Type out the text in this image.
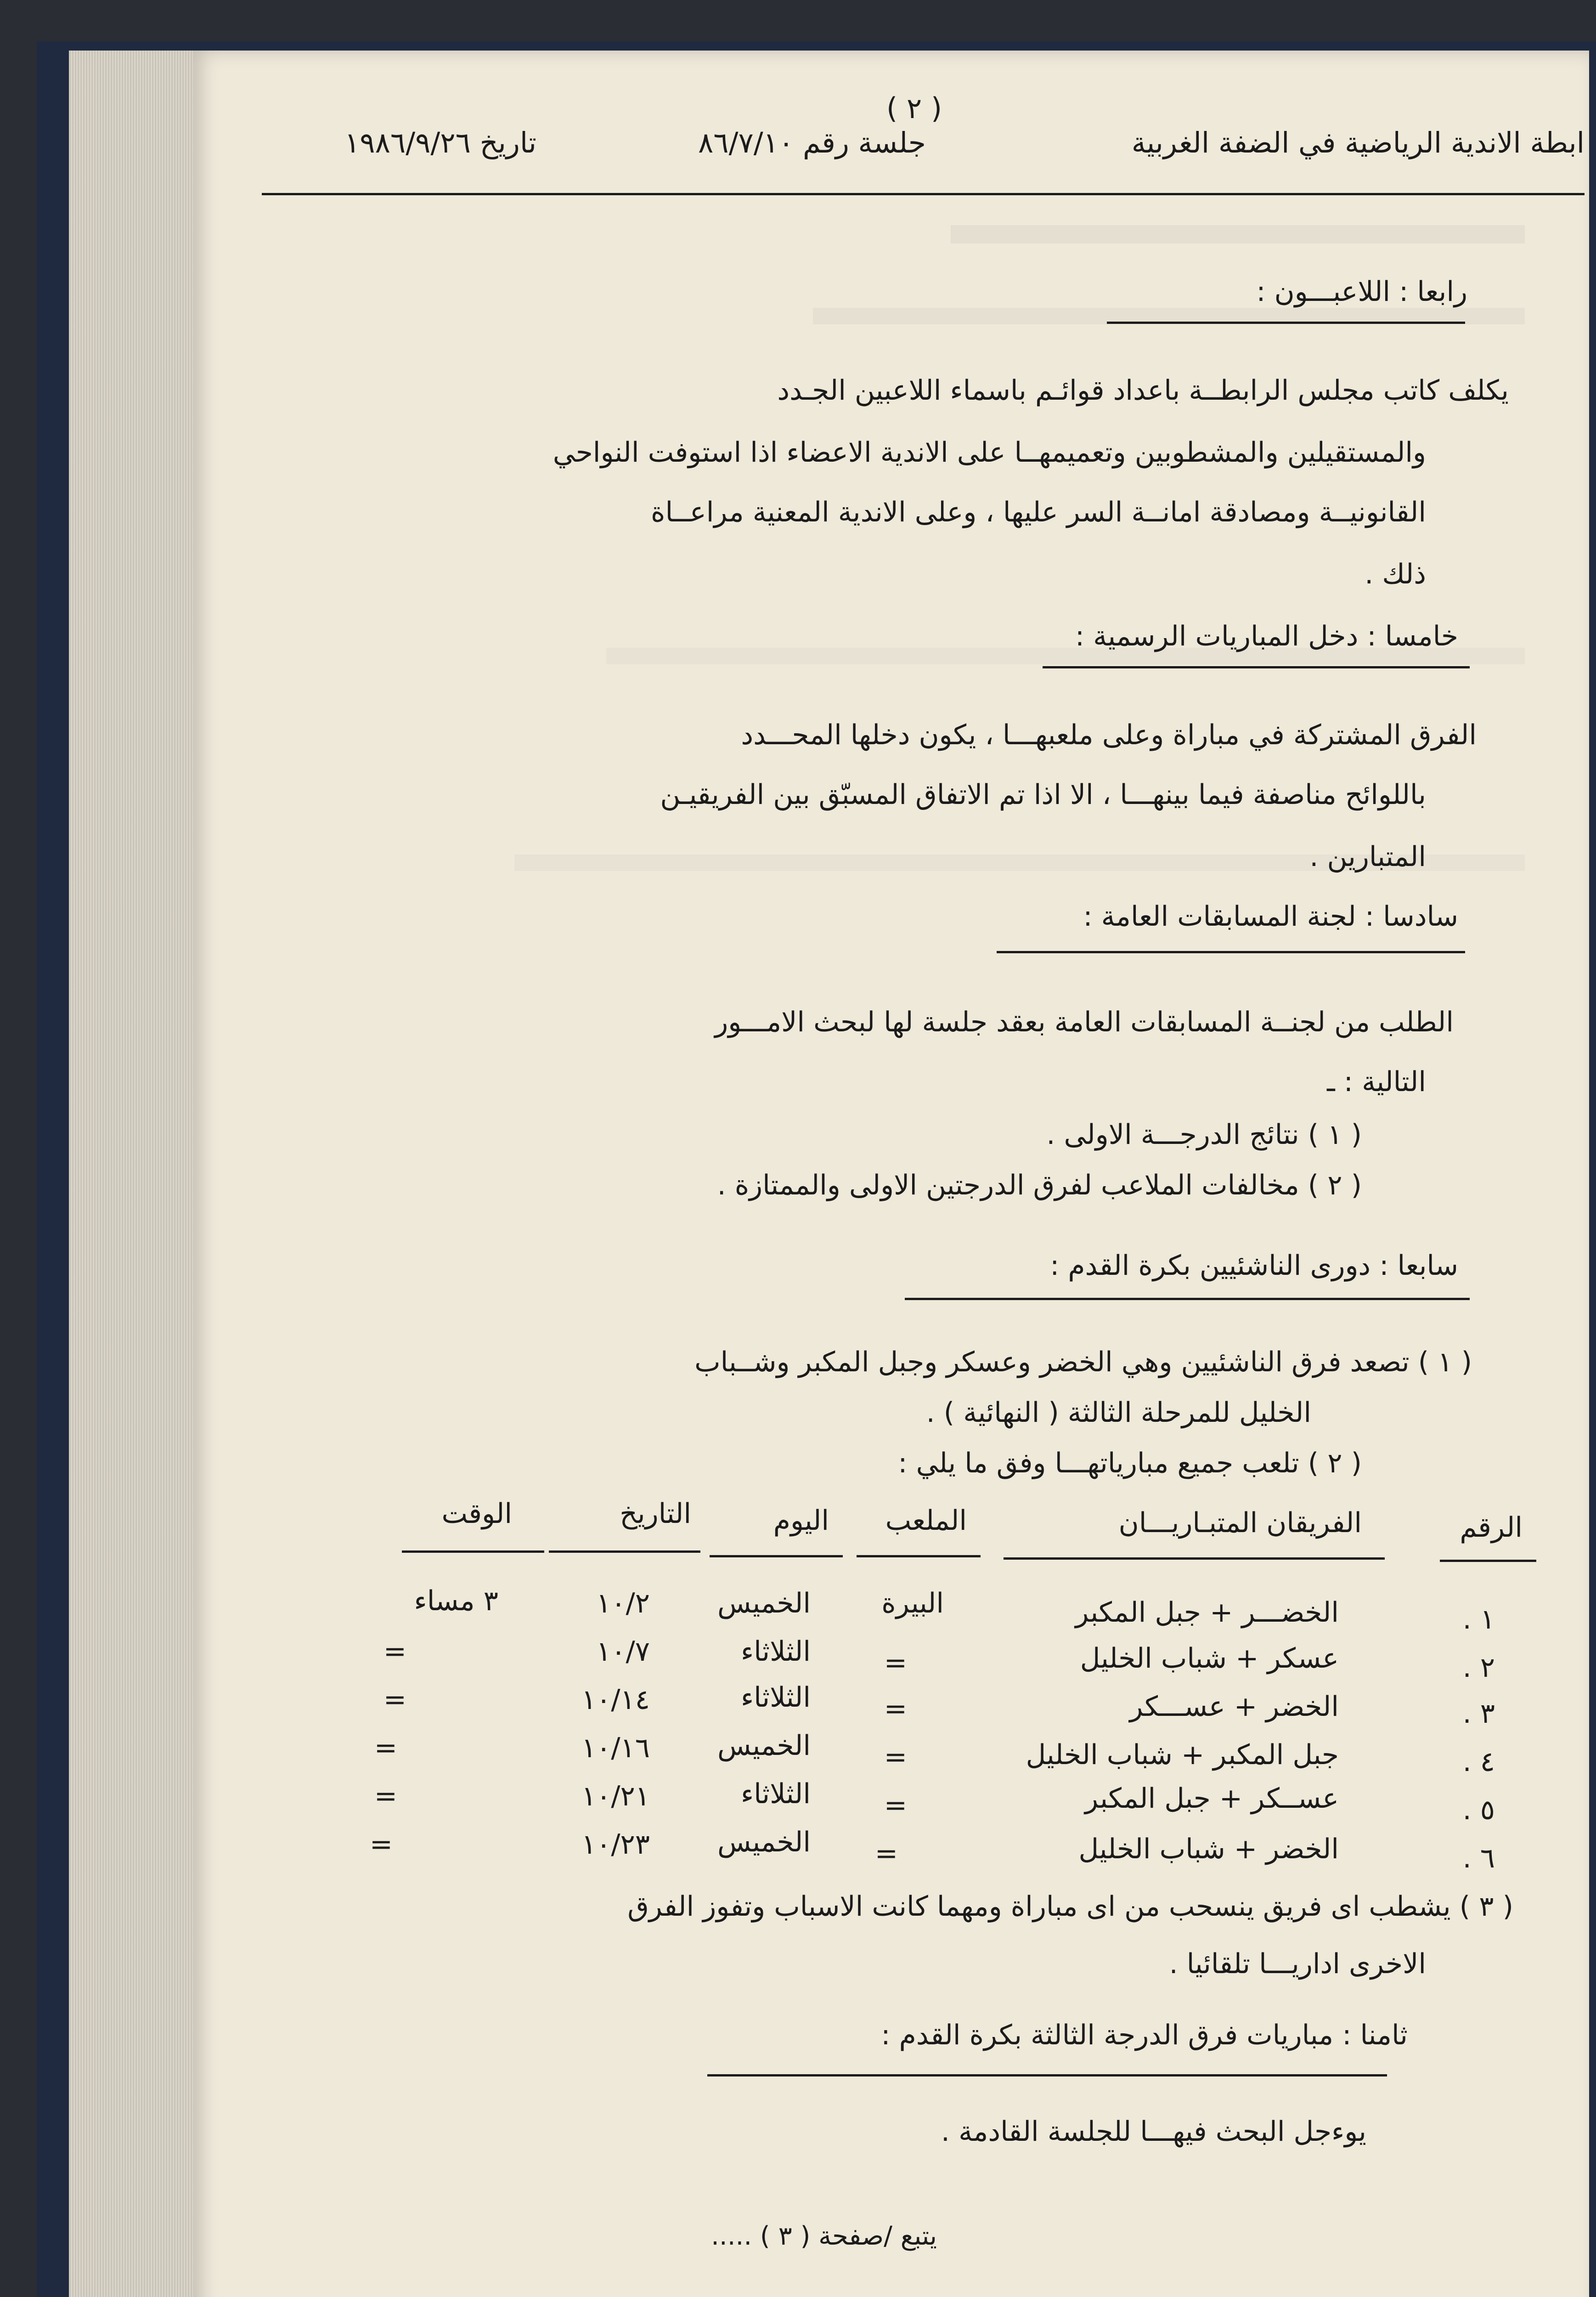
( ٢ )
ابطة الاندية الرياضية في الضفة الغربية
جلسة رقم ٨٦/٧/١٠
تاريخ ١٩٨٦/٩/٢٦
رابعا : اللاعبـــون :
يكلف كاتب مجلس الرابطــة باعداد قوائـم باسماء اللاعبين الجـدد
والمستقيلين والمشطوبين وتعميمهــا على الاندية الاعضاء اذا استوفت النواحي
القانونيــة ومصادقة امانــة السر عليها ، وعلى الاندية المعنية مراعــاة
ذلك .
خامسا : دخل المباريات الرسمية :
الفرق المشتركة في مباراة وعلى ملعبهـــا ، يكون دخلها المحـــدد
باللوائح مناصفة فيما بينهـــا ، الا اذا تم الاتفاق المسبّق بين الفريقيـن
المتبارين .
سادسا : لجنة المسابقات العامة :
الطلب من لجنــة المسابقات العامة بعقد جلسة لها لبحث الامـــور
التالية : ـ
( ١ ) نتائج الدرجـــة الاولى .
( ٢ ) مخالفات الملاعب لفرق الدرجتين الاولى والممتازة .
سابعا : دورى الناشئيين بكرة القدم :
( ١ ) تصعد فرق الناشئيين وهي الخضر وعسكر وجبل المكبر وشــباب
الخليل للمرحلة الثالثة ( النهائية ) .
( ٢ ) تلعب جميع مبارياتهـــا وفق ما يلي :
الرقم
الفريقان المتبـاريـــان
الملعب
اليوم
التاريخ
الوقت
١ .
الخضـــر + جبل المكبر
البيرة
الخميس
١٠/٢
٣ مساء
٢ .
عسكر + شباب الخليل
=
الثلاثاء
١٠/٧
=
٣ .
الخضر + عســـكر
=
الثلاثاء
١٠/١٤
=
٤ .
جبل المكبر + شباب الخليل
=
الخميس
١٠/١٦
=
٥ .
عســكر + جبل المكبر
=
الثلاثاء
١٠/٢١
=
٦ .
الخضر + شباب الخليل
=
الخميس
١٠/٢٣
=
( ٣ ) يشطب اى فريق ينسحب من اى مباراة ومهما كانت الاسباب وتفوز الفرق
الاخرى اداريـــا تلقائيا .
ثامنا : مباريات فرق الدرجة الثالثة بكرة القدم :
يوءجل البحث فيهـــا للجلسة القادمة .
يتبع /صفحة ( ٣ ) .....
